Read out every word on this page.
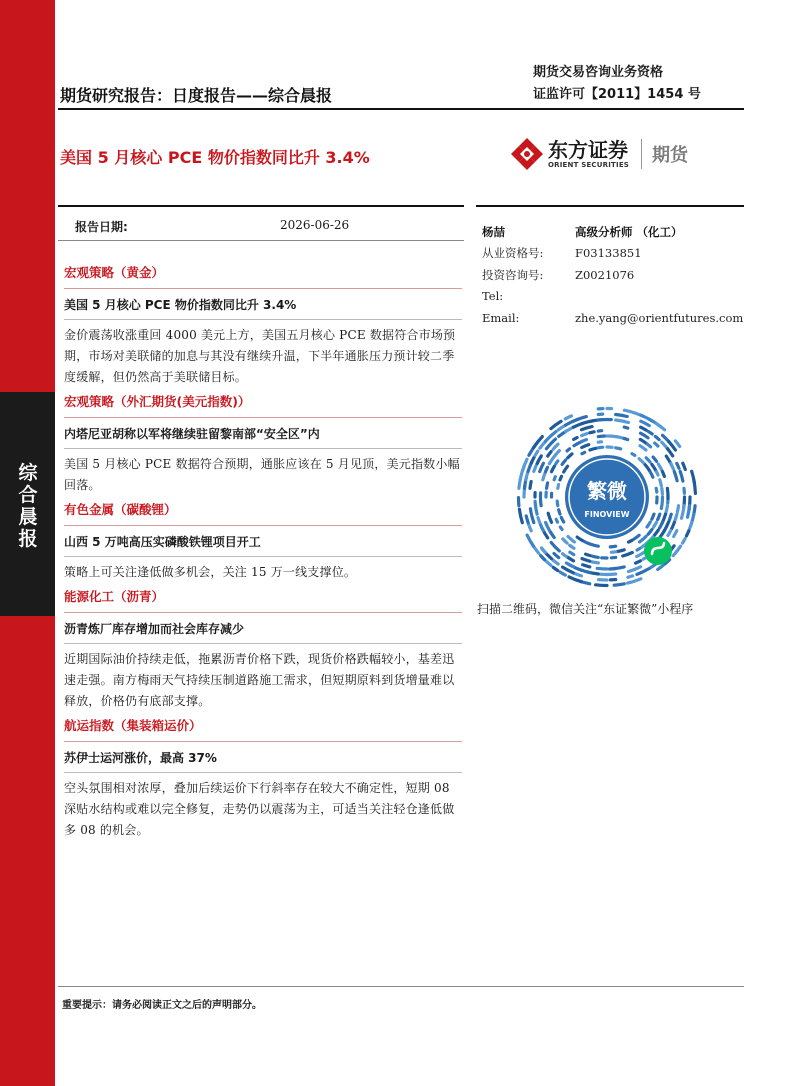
综
合
晨
报
期货交易咨询业务资格
证监许可【2011】1454 号
期货研究报告：日度报告——综合晨报
美国 5 月核心 PCE 物价指数同比升 3.4%	东方证券
ORIENT SECURITIES 期货
报告日期:	2026-06-26	杨喆	高级分析师 （化工）
从业资格号:	F03133851
投资咨询号:	Z0021076
Tel:
Email:	zhe.yang@orientfutures.com
宏观策略（黄金）
美国 5 月核心 PCE 物价指数同比升 3.4%
金价震荡收涨重回 4000 美元上方，美国五月核心 PCE 数据符合市场预期，市场对美联储的加息与其没有继续升温，下半年通胀压力预计较二季度缓解，但仍然高于美联储目标。
宏观策略（外汇期货(美元指数)）
内塔尼亚胡称以军将继续驻留黎南部“安全区”内
美国 5 月核心 PCE 数据符合预期，通胀应该在 5 月见顶，美元指数小幅回落。
有色金属（碳酸锂）
山西 5 万吨高压实磷酸铁锂项目开工
策略上可关注逢低做多机会，关注 15 万一线支撑位。
能源化工（沥青）
沥青炼厂库存增加而社会库存减少
近期国际油价持续走低，拖累沥青价格下跌，现货价格跌幅较小，基差迅速走强。南方梅雨天气持续压制道路施工需求，但短期原料到货增量难以释放，价格仍有底部支撑。
航运指数（集装箱运价）
苏伊士运河涨价，最高 37%
空头氛围相对浓厚，叠加后续运价下行斜率存在较大不确定性，短期 08 深贴水结构或难以完全修复，走势仍以震荡为主，可适当关注轻仓逢低做多 08 的机会。
繁微
FINOVIEW
扫描二维码，微信关注“东证繁微”小程序
重要提示：请务必阅读正文之后的声明部分。
